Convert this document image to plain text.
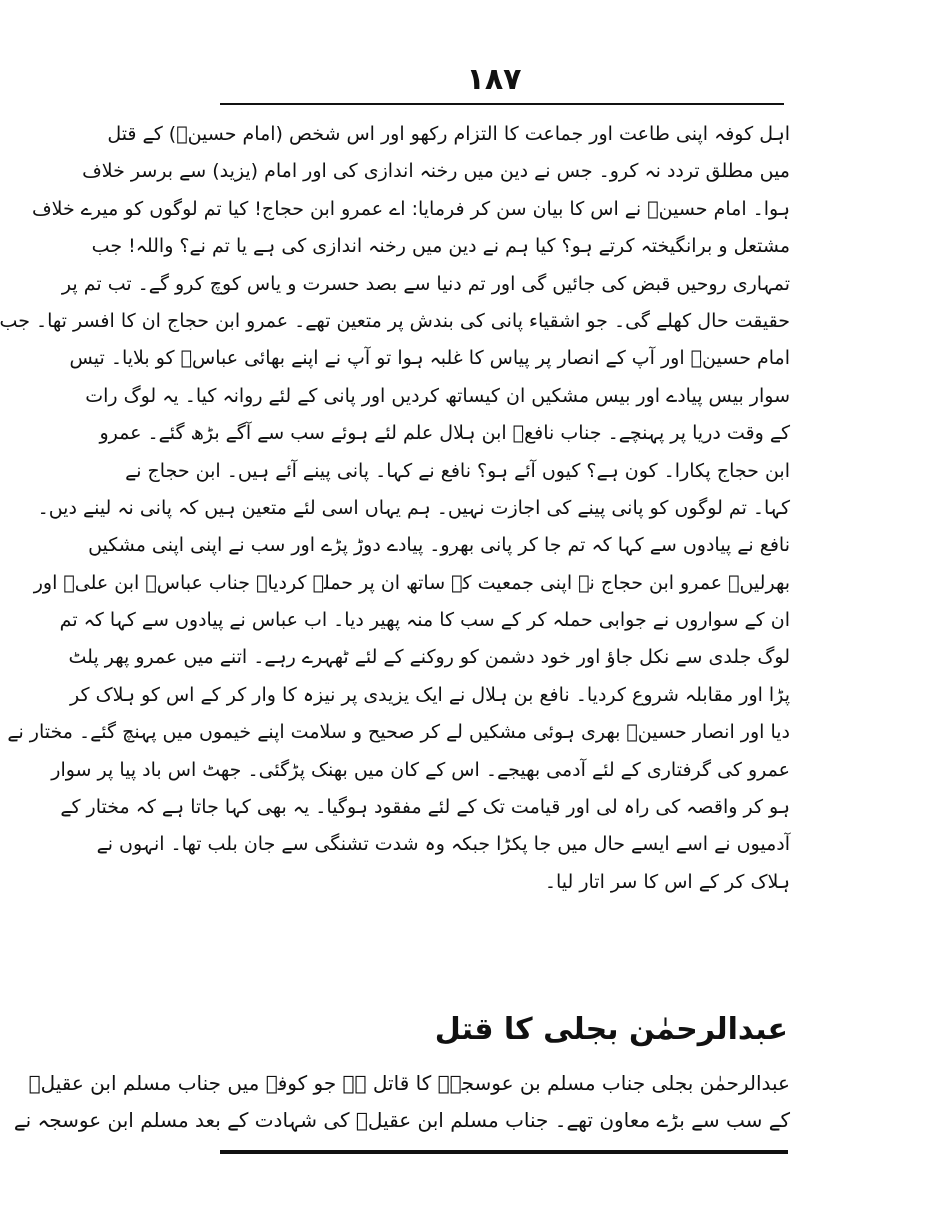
۱۸۷
اہل کوفہ اپنی طاعت اور جماعت کا التزام رکھو اور اس شخص (امام حسینؑ) کے قتل
میں مطلق تردد نہ کرو۔ جس نے دین میں رخنہ اندازی کی اور امام (یزید) سے برسر خلاف
ہوا۔ امام حسینؑ نے اس کا بیان سن کر فرمایا: اے عمرو ابن حجاج! کیا تم لوگوں کو میرے خلاف
مشتعل و برانگیختہ کرتے ہو؟ کیا ہم نے دین میں رخنہ اندازی کی ہے یا تم نے؟ واللہ! جب
تمہاری روحیں قبض کی جائیں گی اور تم دنیا سے بصد حسرت و یاس کوچ کرو گے۔ تب تم پر
حقیقت حال کھلے گی۔ جو اشقیاء پانی کی بندش پر متعین تھے۔ عمرو ابن حجاج ان کا افسر تھا۔ جب
امام حسینؑ اور آپ کے انصار پر پیاس کا غلبہ ہوا تو آپ نے اپنے بھائی عباسؑ کو بلایا۔ تیس
سوار بیس پیادے اور بیس مشکیں ان کیساتھ کردیں اور پانی کے لئے روانہ کیا۔ یہ لوگ رات
کے وقت دریا پر پہنچے۔ جناب نافعؓ ابن ہلال علم لئے ہوئے سب سے آگے بڑھ گئے۔ عمرو
ابن حجاج پکارا۔ کون ہے؟ کیوں آئے ہو؟ نافع نے کہا۔ پانی پینے آئے ہیں۔ ابن حجاج نے
کہا۔ تم لوگوں کو پانی پینے کی اجازت نہیں۔ ہم یہاں اسی لئے متعین ہیں کہ پانی نہ لینے دیں۔
نافع نے پیادوں سے کہا کہ تم جا کر پانی بھرو۔ پیادے دوڑ پڑے اور سب نے اپنی اپنی مشکیں
بھرلیں۔ عمرو ابن حجاج نے اپنی جمعیت کے ساتھ ان پر حملہ کردیا۔ جناب عباسؑ ابن علیؑ اور
ان کے سواروں نے جوابی حملہ کر کے سب کا منہ پھیر دیا۔ اب عباس نے پیادوں سے کہا کہ تم
لوگ جلدی سے نکل جاؤ اور خود دشمن کو روکنے کے لئے ٹھہرے رہے۔ اتنے میں عمرو پھر پلٹ
پڑا اور مقابلہ شروع کردیا۔ نافع بن ہلال نے ایک یزیدی پر نیزہ کا وار کر کے اس کو ہلاک کر
دیا اور انصار حسینؑ بھری ہوئی مشکیں لے کر صحیح و سلامت اپنے خیموں میں پہنچ گئے۔ مختار نے
عمرو کی گرفتاری کے لئے آدمی بھیجے۔ اس کے کان میں بھنک پڑگئی۔ جھٹ اس باد پیا پر سوار
ہو کر واقصہ کی راہ لی اور قیامت تک کے لئے مفقود ہوگیا۔ یہ بھی کہا جاتا ہے کہ مختار کے
آدمیوں نے اسے ایسے حال میں جا پکڑا جبکہ وہ شدت تشنگی سے جان بلب تھا۔ انہوں نے
ہلاک کر کے اس کا سر اتار لیا۔
عبدالرحمٰن بجلی کا قتل
عبدالرحمٰن بجلی جناب مسلم بن عوسجہؓ کا قاتل ہے جو کوفہ میں جناب مسلم ابن عقیلؑ
کے سب سے بڑے معاون تھے۔ جناب مسلم ابن عقیلؑ کی شہادت کے بعد مسلم ابن عوسجہ نے
